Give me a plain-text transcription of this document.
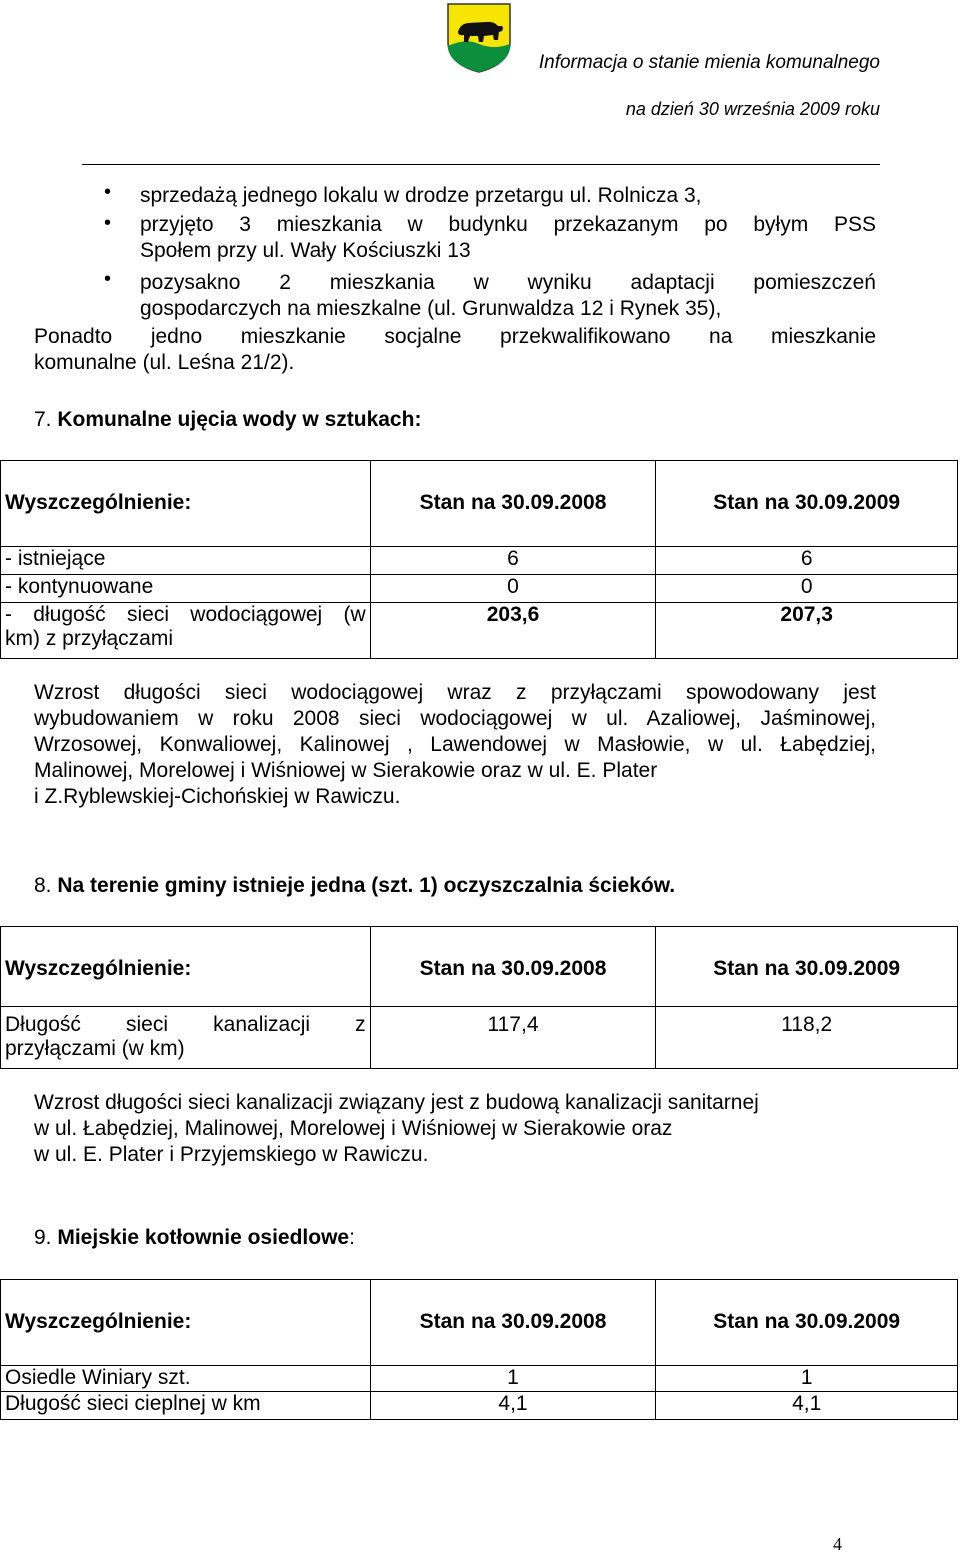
Informacja o stanie mienia komunalnego
na dzień 30 września 2009 roku
• sprzedażą jednego lokalu w drodze przetargu ul. Rolnicza 3,
• przyjęto 3 mieszkania w budynku przekazanym po byłym PSS
Społem przy ul. Wały Kościuszki 13
• pozysakno 2 mieszkania w wyniku adaptacji pomieszczeń
gospodarczych na mieszkalne (ul. Grunwaldza 12 i Rynek 35),
Ponadto jedno mieszkanie socjalne przekwalifikowano na mieszkanie
komunalne (ul. Leśna 21/2).
7. Komunalne ujęcia wody w sztukach:
Wyszczególnienie:	Stan na 30.09.2008	Stan na 30.09.2009
- istniejące	6	6
- kontynuowane	0	0

- długość sieci wodociągowej (w
km) z przyłączami	203,6	207,3
Wzrost długości sieci wodociągowej wraz z przyłączami spowodowany jest
wybudowaniem w roku 2008 sieci wodociągowej w ul. Azaliowej, Jaśminowej,
Wrzosowej, Konwaliowej, Kalinowej , Lawendowej w Masłowie, w ul. Łabędziej,
Malinowej, Morelowej i Wiśniowej w Sierakowie oraz w ul. E. Plater
i Z.Ryblewskiej-Cichońskiej w Rawiczu.
8. Na terenie gminy istnieje jedna (szt. 1) oczyszczalnia ścieków.
Wyszczególnienie:	Stan na 30.09.2008	Stan na 30.09.2009

Długość sieci kanalizacji z
przyłączami (w km)	117,4	118,2
Wzrost długości sieci kanalizacji związany jest z budową kanalizacji sanitarnej
w ul. Łabędziej, Malinowej, Morelowej i Wiśniowej w Sierakowie oraz
w ul. E. Plater i Przyjemskiego w Rawiczu.
9. Miejskie kotłownie osiedlowe:
Wyszczególnienie:	Stan na 30.09.2008	Stan na 30.09.2009
Osiedle Winiary szt.	1	1
Długość sieci cieplnej w km	4,1	4,1
4
